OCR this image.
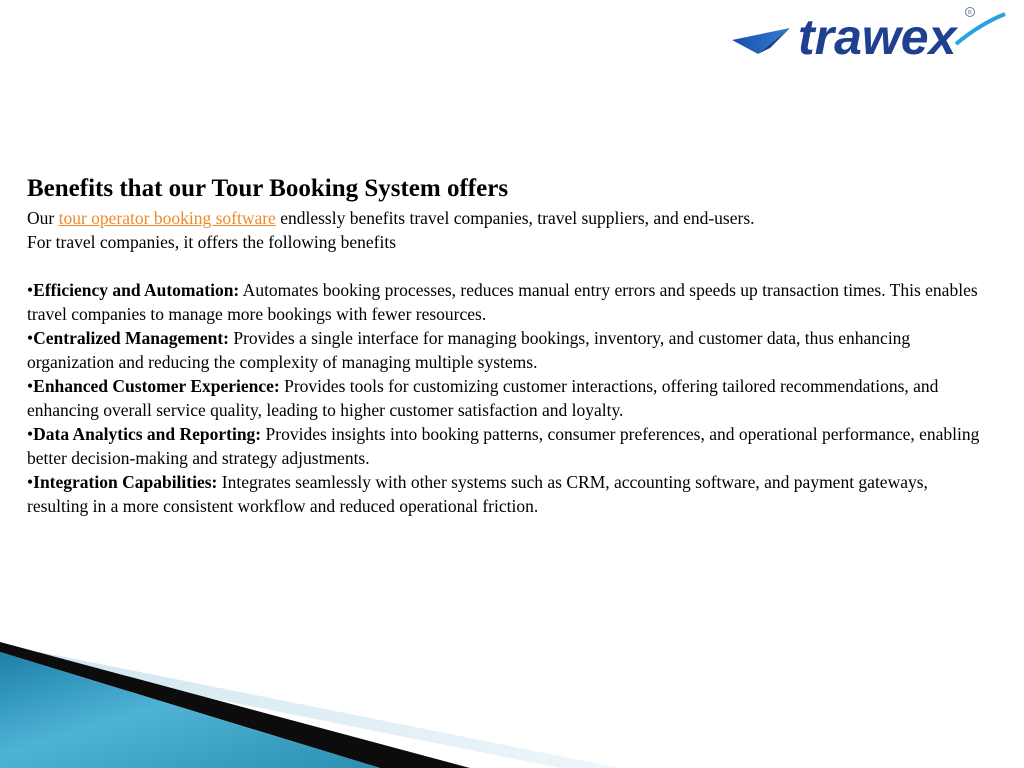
trawex	R
Benefits that our Tour Booking System offers

Our tour operator booking software endlessly benefits travel companies, travel suppliers, and end-users.

For travel companies, it offers the following benefits

•Efficiency and Automation: Automates booking processes, reduces manual entry errors and speeds up transaction times. This enables travel companies to manage more bookings with fewer resources.
•Centralized Management: Provides a single interface for managing bookings, inventory, and customer data, thus enhancing organization and reducing the complexity of managing multiple systems.
•Enhanced Customer Experience: Provides tools for customizing customer interactions, offering tailored recommendations, and enhancing overall service quality, leading to higher customer satisfaction and loyalty.
•Data Analytics and Reporting: Provides insights into booking patterns, consumer preferences, and operational performance, enabling better decision-making and strategy adjustments.
•Integration Capabilities: Integrates seamlessly with other systems such as CRM, accounting software, and payment gateways, resulting in a more consistent workflow and reduced operational friction.
